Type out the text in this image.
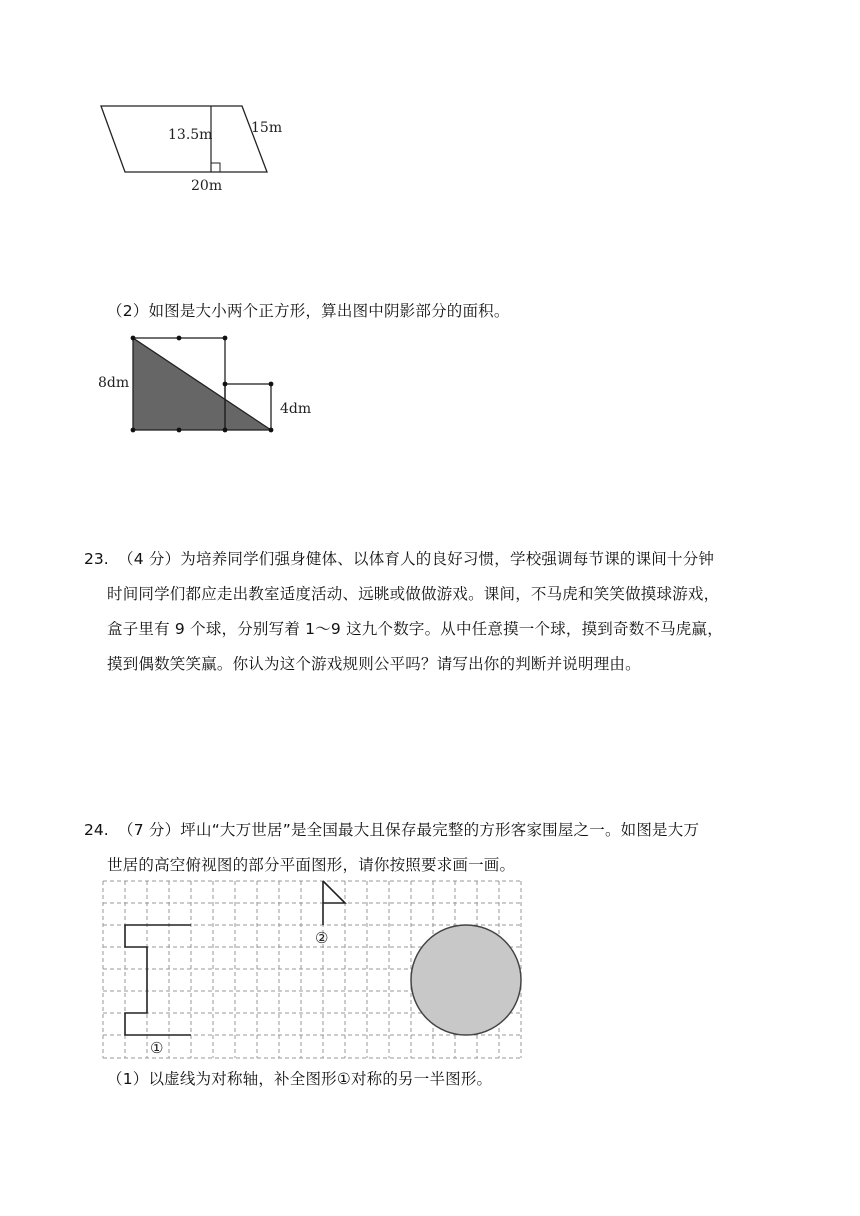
13.5m	15m
20m
（2）如图是大小两个正方形，算出图中阴影部分的面积。
8dm
4dm
23. （4 分）为培养同学们强身健体、以体育人的良好习惯，学校强调每节课的课间十分钟
时间同学们都应走出教室适度活动、远眺或做做游戏。课间，不马虎和笑笑做摸球游戏，
盒子里有 9 个球，分别写着 1～9 这九个数字。从中任意摸一个球，摸到奇数不马虎赢，
摸到偶数笑笑赢。你认为这个游戏规则公平吗？请写出你的判断并说明理由。
24. （7 分）坪山“大万世居”是全国最大且保存最完整的方形客家围屋之一。如图是大万
世居的高空俯视图的部分平面图形，请你按照要求画一画。
①
②
（1）以虚线为对称轴，补全图形①对称的另一半图形。
